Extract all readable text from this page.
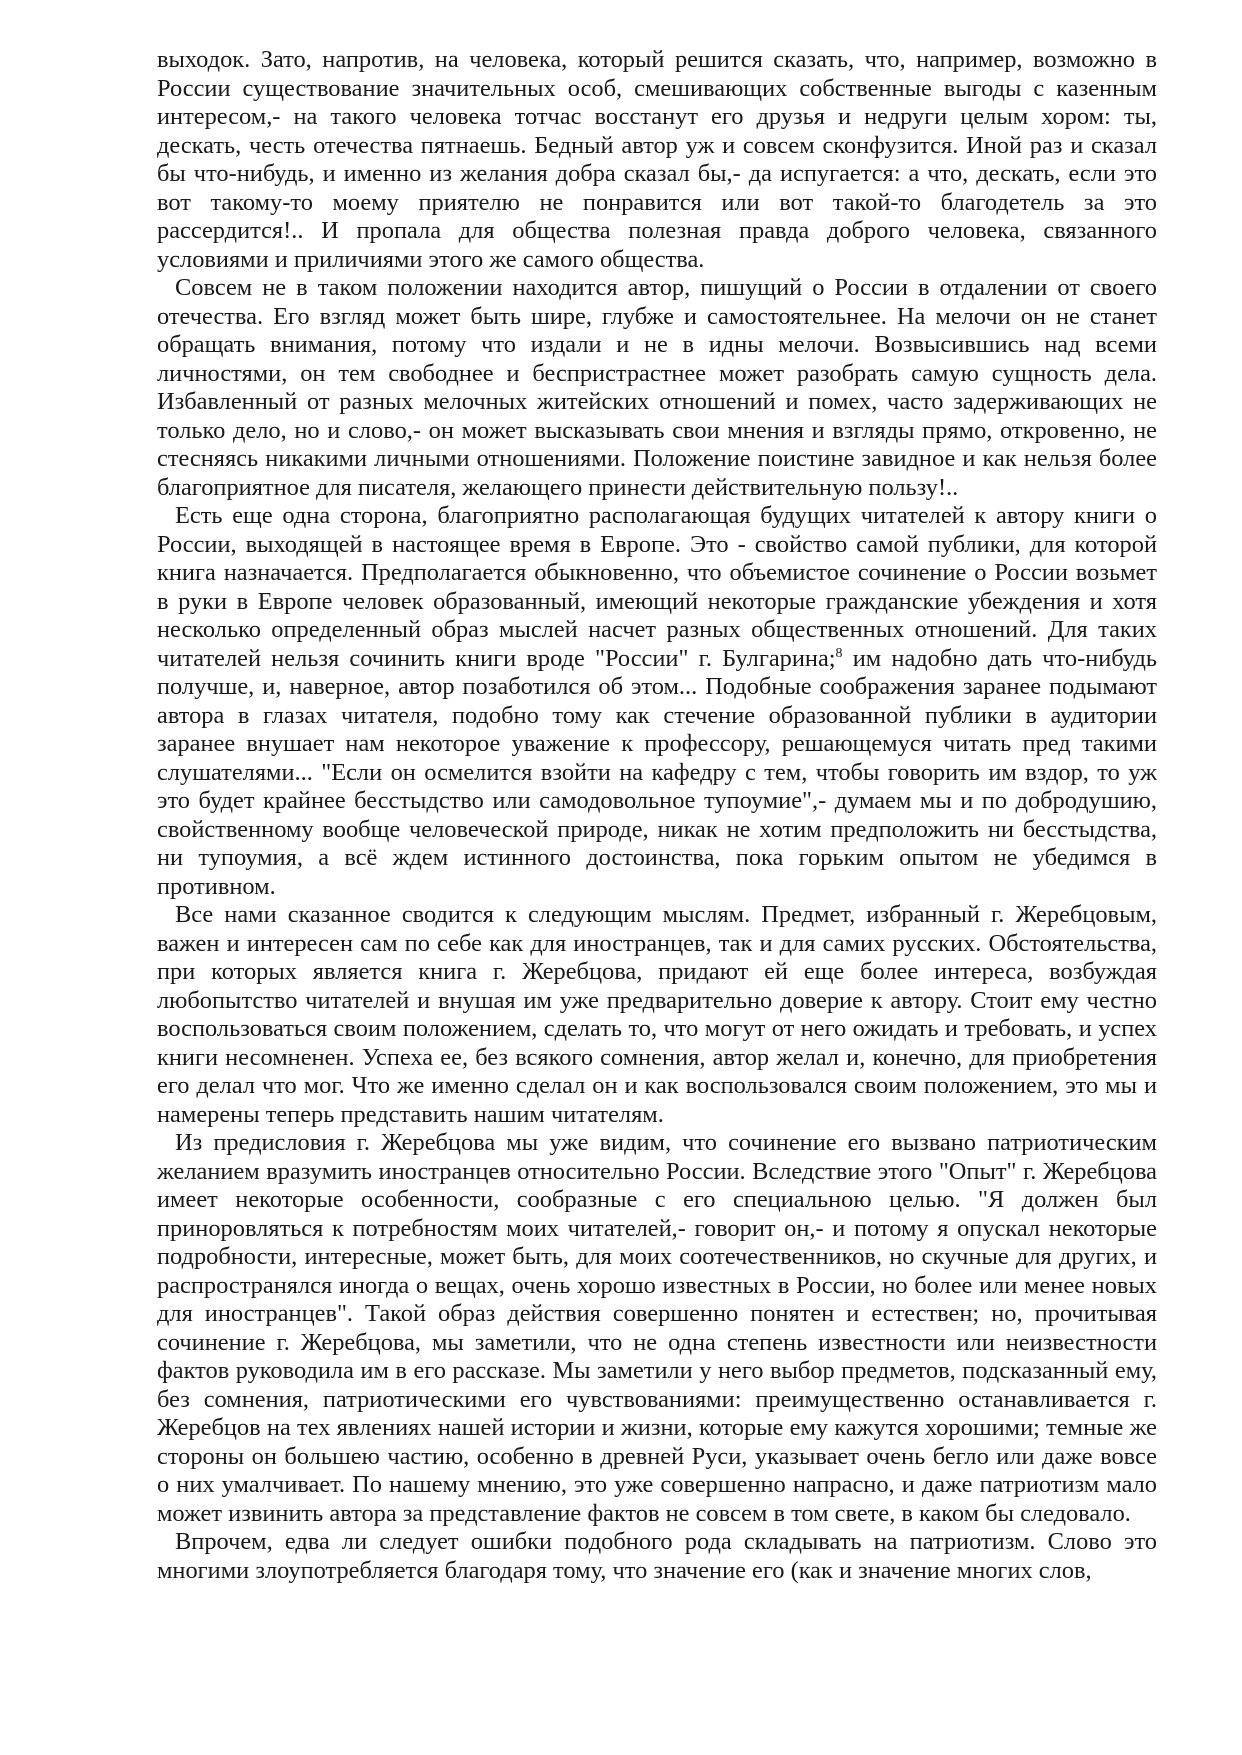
выходок. Зато, напротив, на человека, который решится сказать, что, например, возможно в России существование значительных особ, смешивающих собственные выгоды с казенным интересом,- на такого человека тотчас восстанут его друзья и недруги целым хором: ты, дескать, честь отечества пятнаешь. Бедный автор уж и совсем сконфузится. Иной раз и сказал бы что-нибудь, и именно из желания добра сказал бы,- да испугается: а что, дескать, если это вот такому-то моему приятелю не понравится или вот такой-то благодетель за это рассердится!.. И пропала для общества полезная правда доброго человека, связанного условиями и приличиями этого же самого общества.

Совсем не в таком положении находится автор, пишущий о России в отдалении от своего отечества. Его взгляд может быть шире, глубже и самостоятельнее. На мелочи он не станет обращать внимания, потому что издали и не в идны мелочи. Возвысившись над всеми личностями, он тем свободнее и беспристрастнее может разобрать самую сущность дела. Избавленный от разных мелочных житейских отношений и помех, часто задерживающих не только дело, но и слово,- он может высказывать свои мнения и взгляды прямо, откровенно, не стесняясь никакими личными отношениями. Положение поистине завидное и как нельзя более благоприятное для писателя, желающего принести действительную пользу!..

Есть еще одна сторона, благоприятно располагающая будущих читателей к автору книги о России, выходящей в настоящее время в Европе. Это - свойство самой публики, для которой книга назначается. Предполагается обыкновенно, что объемистое сочинение о России возьмет в руки в Европе человек образованный, имеющий некоторые гражданские убеждения и хотя несколько определенный образ мыслей насчет разных общественных отношений. Для таких читателей нельзя сочинить книги вроде "России" г. Булгарина;$^8$ им надобно дать что-нибудь получше, и, наверное, автор позаботился об этом... Подобные соображения заранее подымают автора в глазах читателя, подобно тому как стечение образованной публики в аудитории заранее внушает нам некоторое уважение к профессору, решающемуся читать пред такими слушателями... "Если он осмелится взойти на кафедру с тем, чтобы говорить им вздор, то уж это будет крайнее бесстыдство или самодовольное тупоумие",- думаем мы и по добродушию, свойственному вообще человеческой природе, никак не хотим предположить ни бесстыдства, ни тупоумия, а всё ждем истинного достоинства, пока горьким опытом не убедимся в противном.

Все нами сказанное сводится к следующим мыслям. Предмет, избранный г. Жеребцовым, важен и интересен сам по себе как для иностранцев, так и для самих русских. Обстоятельства, при которых является книга г. Жеребцова, придают ей еще более интереса, возбуждая любопытство читателей и внушая им уже предварительно доверие к автору. Стоит ему честно воспользоваться своим положением, сделать то, что могут от него ожидать и требовать, и успех книги несомненен. Успеха ее, без всякого сомнения, автор желал и, конечно, для приобретения его делал что мог. Что же именно сделал он и как воспользовался своим положением, это мы и намерены теперь представить нашим читателям.

Из предисловия г. Жеребцова мы уже видим, что сочинение его вызвано патриотическим желанием вразумить иностранцев относительно России. Вследствие этого "Опыт" г. Жеребцова имеет некоторые особенности, сообразные с его специальною целью. "Я должен был приноровляться к потребностям моих читателей,- говорит он,- и потому я опускал некоторые подробности, интересные, может быть, для моих соотечественников, но скучные для других, и распространялся иногда о вещах, очень хорошо известных в России, но более или менее новых для иностранцев". Такой образ действия совершенно понятен и естествен; но, прочитывая сочинение г. Жеребцова, мы заметили, что не одна степень известности или неизвестности фактов руководила им в его рассказе. Мы заметили у него выбор предметов, подсказанный ему, без сомнения, патриотическими его чувствованиями: преимущественно останавливается г. Жеребцов на тех явлениях нашей истории и жизни, которые ему кажутся хорошими; темные же стороны он большею частию, особенно в древней Руси, указывает очень бегло или даже вовсе о них умалчивает. По нашему мнению, это уже совершенно напрасно, и даже патриотизм мало может извинить автора за представление фактов не совсем в том свете, в каком бы следовало.

Впрочем, едва ли следует ошибки подобного рода складывать на патриотизм. Слово это многими злоупотребляется благодаря тому, что значение его (как и значение многих слов,
